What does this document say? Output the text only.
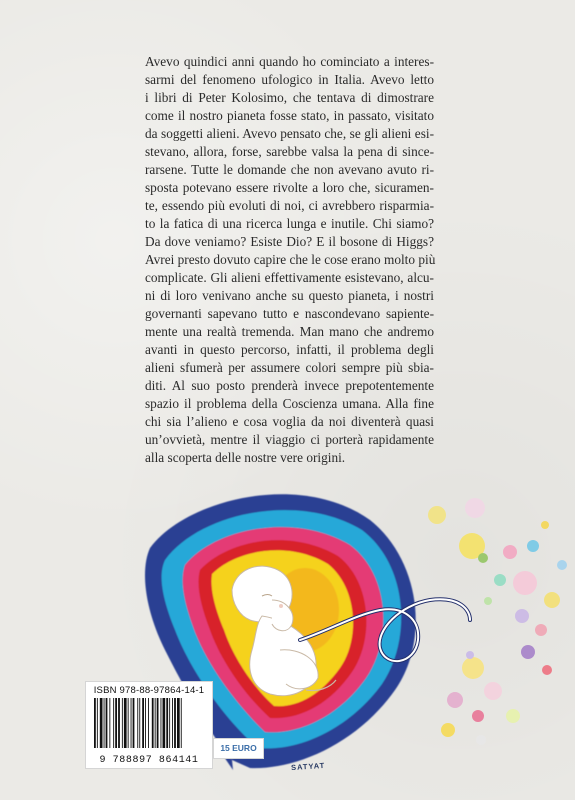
Avevo quindici anni quando ho cominciato a interes-
sarmi del fenomeno ufologico in Italia. Avevo letto
i libri di Peter Kolosimo, che tentava di dimostrare
come il nostro pianeta fosse stato, in passato, visitato
da soggetti alieni. Avevo pensato che, se gli alieni esi-
stevano, allora, forse, sarebbe valsa la pena di since-
rarsene. Tutte le domande che non avevano avuto ri-
sposta potevano essere rivolte a loro che, sicuramen-
te, essendo più evoluti di noi, ci avrebbero risparmia-
to la fatica di una ricerca lunga e inutile. Chi siamo?
Da dove veniamo? Esiste Dio? E il bosone di Higgs?
Avrei presto dovuto capire che le cose erano molto più
complicate. Gli alieni effettivamente esistevano, alcu-
ni di loro venivano anche su questo pianeta, i nostri
governanti sapevano tutto e nascondevano sapiente-
mente una realtà tremenda. Man mano che andremo
avanti in questo percorso, infatti, il problema degli
alieni sfumerà per assumere colori sempre più sbia-
diti. Al suo posto prenderà invece prepotentemente
spazio il problema della Coscienza umana. Alla fine
chi sia l’alieno e cosa voglia da noi diventerà quasi
un’ovvietà, mentre il viaggio ci porterà rapidamente
alla scoperta delle nostre vere origini.
ISBN 978-88-97864-14-1
9 788897 864141
15 EURO
SATYAT
